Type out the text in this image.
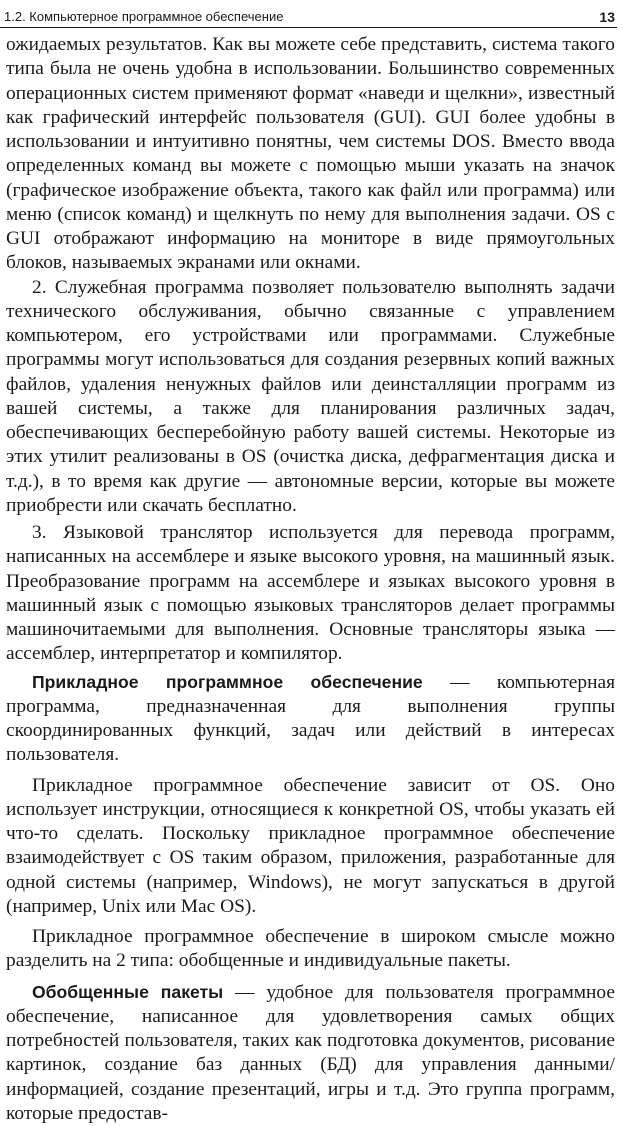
1.2. Компьютерное программное обеспечение	13

ожидаемых результатов. Как вы можете себе представить, система такого типа была не очень удобна в использовании. Большинство современных операционных систем применяют формат «наведи и щелкни», известный как графический интерфейс пользователя (GUI). GUI более удобны в использовании и интуитивно понятны, чем системы DOS. Вместо ввода определенных команд вы можете с помощью мыши указать на значок (графическое изображение объекта, такого как файл или программа) или меню (список команд) и щелкнуть по нему для выполнения задачи. OS с GUI отображают информацию на мониторе в виде прямоугольных блоков, называемых экранами или окнами.

2. Служебная программа позволяет пользователю выполнять задачи технического обслуживания, обычно связанные с управлением компьютером, его устройствами или программами. Служебные программы могут использоваться для создания резервных копий важных файлов, удаления ненужных файлов или деинсталляции программ из вашей системы, а также для планирования различных задач, обеспечивающих бесперебойную работу вашей системы. Некоторые из этих утилит реализованы в OS (очистка диска, дефрагментация диска и т.д.), в то время как другие — автономные версии, которые вы можете приобрести или скачать бесплатно.

3. Языковой транслятор используется для перевода программ, написанных на ассемблере и языке высокого уровня, на машинный язык. Преобразование программ на ассемблере и языках высокого уровня в машинный язык с помощью языковых трансляторов делает программы машиночитаемыми для выполнения. Основные трансляторы языка — ассемблер, интерпретатор и компилятор.

Прикладное программное обеспечение — компьютерная программа, предназначенная для выполнения группы скоординированных функций, задач или действий в интересах пользователя.

Прикладное программное обеспечение зависит от OS. Оно использует инструкции, относящиеся к конкретной OS, чтобы указать ей что-то сделать. Поскольку прикладное программное обеспечение взаимодействует с OS таким образом, приложения, разработанные для одной системы (например, Windows), не могут запускаться в другой (например, Unix или Mac OS).

Прикладное программное обеспечение в широком смысле можно разделить на 2 типа: обобщенные и индивидуальные пакеты.

Обобщенные пакеты — удобное для пользователя программное обеспечение, написанное для удовлетворения самых общих потребностей пользователя, таких как подготовка документов, рисование картинок, создание баз данных (БД) для управления данными/информацией, создание презентаций, игры и т.д. Это группа программ, которые предостав-
